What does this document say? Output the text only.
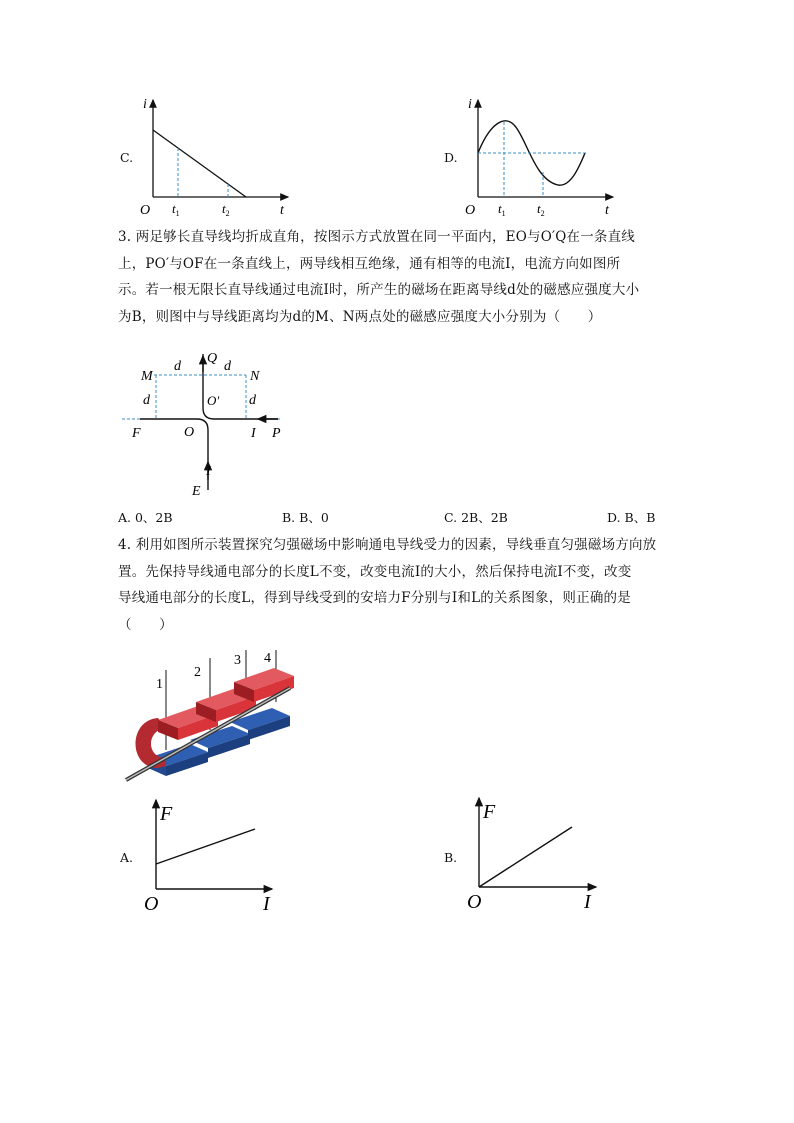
C.
i
t
O $t_1$	$t_2$
D.
i
t
O $t_1$ $t_2$
3. 两足够长直导线均折成直角，按图示方式放置在同一平面内，EO与O′Q在一条直线
上，PO′与OF在一条直线上，两导线相互绝缘，通有相等的电流I，电流方向如图所
示。若一根无限长直导线通过电流I时，所产生的磁场在距离导线d处的磁感应强度大小
为B，则图中与导线距离均为d的M、N两点处的磁感应强度大小分别为（　　）
M	N
Q
O′
O
F	P
I
E
I
d	d
d	d
A. 0、2B	B. B、0	C. 2B、2B	D. B、B
4. 利用如图所示装置探究匀强磁场中影响通电导线受力的因素，导线垂直匀强磁场方向放
置。先保持导线通电部分的长度L不变，改变电流I的大小，然后保持电流I不变，改变
导线通电部分的长度L，得到导线受到的安培力F分别与I和L的关系图象，则正确的是
（　　）
1
2
3 4
A.
F
I
O
B.
F
I
O
